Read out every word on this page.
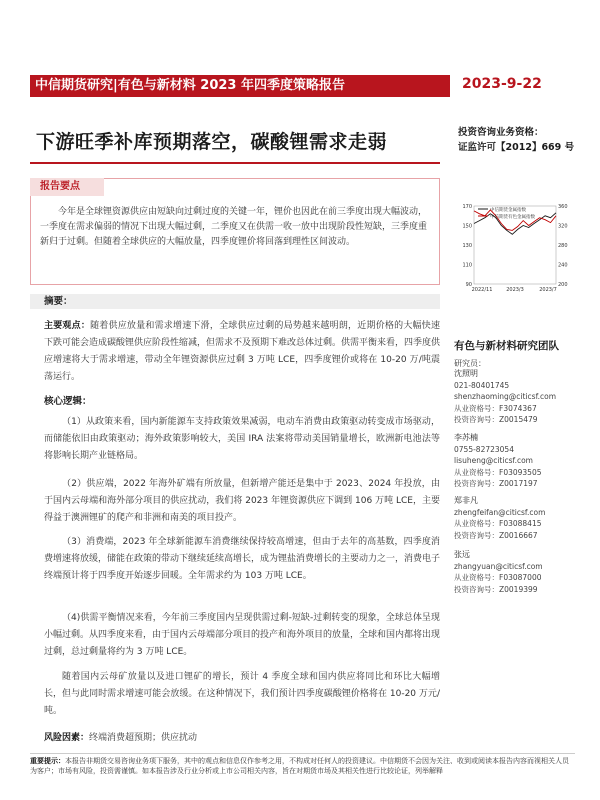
中信期货研究|有色与新材料 2023 年四季度策略报告	2023-9-22
下游旺季补库预期落空，碳酸锂需求走弱	投资咨询业务资格：
证监许可【2012】669 号
报告要点
今年是全球锂资源供应由短缺向过剩过度的关键一年，锂价也因此在前三季度出现大幅波动，一季度在需求偏弱的情况下出现大幅过剩，二季度又在供需一收一放中出现阶段性短缺，三季度重新归于过剩。但随着全球供应的大幅放量，四季度锂价将回落到理性区间波动。
90
110
130
150
170
200
240
280
320
360
2022/11	2023/3	2023/7
中信期货金属指数
中信期货有色金属指数
摘要：
主要观点：随着供应放量和需求增速下滑，全球供应过剩的局势越来越明朗，近期价格的大幅快速下跌可能会造成碳酸锂供应阶段性缩减，但需求不及预期下难改总体过剩。供需平衡来看，四季度供应增速将大于需求增速，带动全年锂资源供应过剩 3 万吨 LCE，四季度锂价或将在 10-20 万/吨震荡运行。
核心逻辑：
（1）从政策来看，国内新能源车支持政策效果减弱，电动车消费由政策驱动转变成市场驱动，而储能依旧由政策驱动；海外政策影响较大，美国 IRA 法案将带动美国销量增长，欧洲新电池法等将影响长期产业链格局。
（2）供应端，2022 年海外矿端有所放量，但新增产能还是集中于 2023、2024 年投放，由于国内云母端和海外部分项目的供应扰动，我们将 2023 年锂资源供应下调到 106 万吨 LCE，主要得益于澳洲锂矿的爬产和非洲和南美的项目投产。
（3）消费端，2023 年全球新能源车消费继续保持较高增速，但由于去年的高基数，四季度消费增速将放缓，储能在政策的带动下继续延续高增长，成为锂盐消费增长的主要动力之一，消费电子终端预计将于四季度开始逐步回暖。全年需求约为 103 万吨 LCE。
（4)供需平衡情况来看，今年前三季度国内呈现供需过剩-短缺-过剩转变的现象，全球总体呈现小幅过剩。从四季度来看，由于国内云母端部分项目的投产和海外项目的放量，全球和国内都将出现过剩，总过剩量将约为 3 万吨 LCE。
随着国内云母矿放量以及进口锂矿的增长，预计 4 季度全球和国内供应将同比和环比大幅增长，但与此同时需求增速可能会放缓。在这种情况下，我们预计四季度碳酸锂价格将在 10-20 万元/吨。
风险因素：终端消费超预期；供应扰动
有色与新材料研究团队
研究员：
沈照明
021-80401745
shenzhaoming@citicsf.com
从业资格号：F3074367
投资咨询号：Z0015479
李苏楠
0755-82723054
lisuheng@citicsf.com
从业资格号：F03093505
投资咨询号：Z0017197
郑非凡
zhengfeifan@citicsf.com
从业资格号：F03088415
投资咨询号：Z0016667
张远
zhangyuan@citicsf.com
从业资格号：F03087000
投资咨询号：Z0019399
重要提示：本报告非期货交易咨询业务项下服务，其中的观点和信息仅作参考之用，不构成对任何人的投资建议。中信期货不会因为关注、收到或阅读本报告内容而视相关人员为客户；市场有风险，投资需谨慎。如本报告涉及行业分析或上市公司相关内容，旨在对期货市场及其相关性进行比较论证，列举解释
